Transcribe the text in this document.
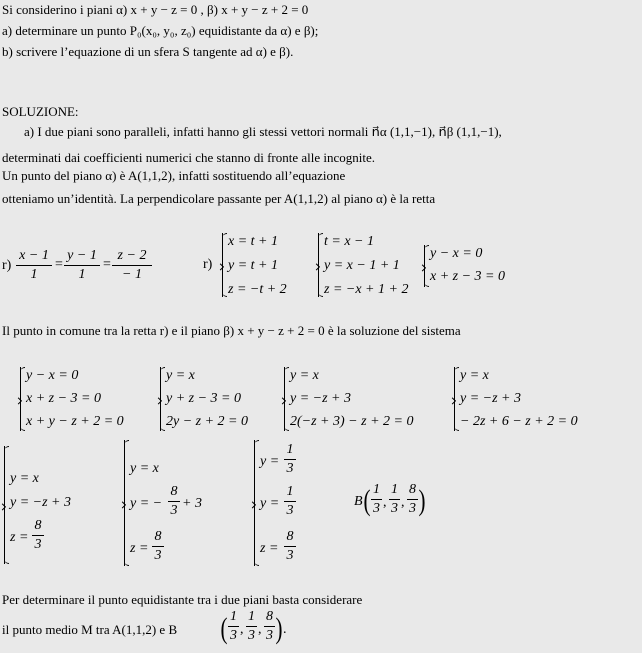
Si considerino i piani α) x + y − z = 0 , β) x + y − z + 2 = 0
a) determinare un punto P₀(x₀, y₀, z₀) equidistante da α) e β);
b) scrivere l’equazione di un sfera S tangente ad α) e β).
SOLUZIONE:
a) I due piani sono paralleli, infatti hanno gli stessi vettori normali n⃗α (1,1,−1), n⃗β (1,1,−1),
determinati dai coefficienti numerici che stanno di fronte alle incognite.
Un punto del piano α) è A(1,1,2), infatti sostituendo all’equazione
otteniamo un’identità. La perpendicolare passante per A(1,1,2) al piano α) è la retta
r)
x − 1
1
=
y − 1
1
=
z − 2
− 1
r)
x = t + 1
y = t + 1
z = −t + 2
t = x − 1
y = x − 1 + 1
z = −x + 1 + 2
y − x = 0
x + z − 3 = 0
Il punto in comune tra la retta r) e il piano β) x + y − z + 2 = 0 è la soluzione del sistema
y − x = 0
x + z − 3 = 0
x + y − z + 2 = 0
y = x
y + z − 3 = 0
2y − z + 2 = 0
y = x
y = −z + 3
2(−z + 3) − z + 2 = 0
y = x
y = −z + 3
− 2z + 6 − z + 2 = 0
y = x
y = −z + 3
z =
8
3
y = x
y = −
8
3 + 3
z =
8
3
y =
1
3
y =
1
3
z =
8
3
B ( 1
3 ,
1
3 ,
8
3 )
Per determinare il punto equidistante tra i due piani basta considerare
il punto medio M tra A(1,1,2) e B ( 1
3 ,
1
3 ,
8
3 ) .
